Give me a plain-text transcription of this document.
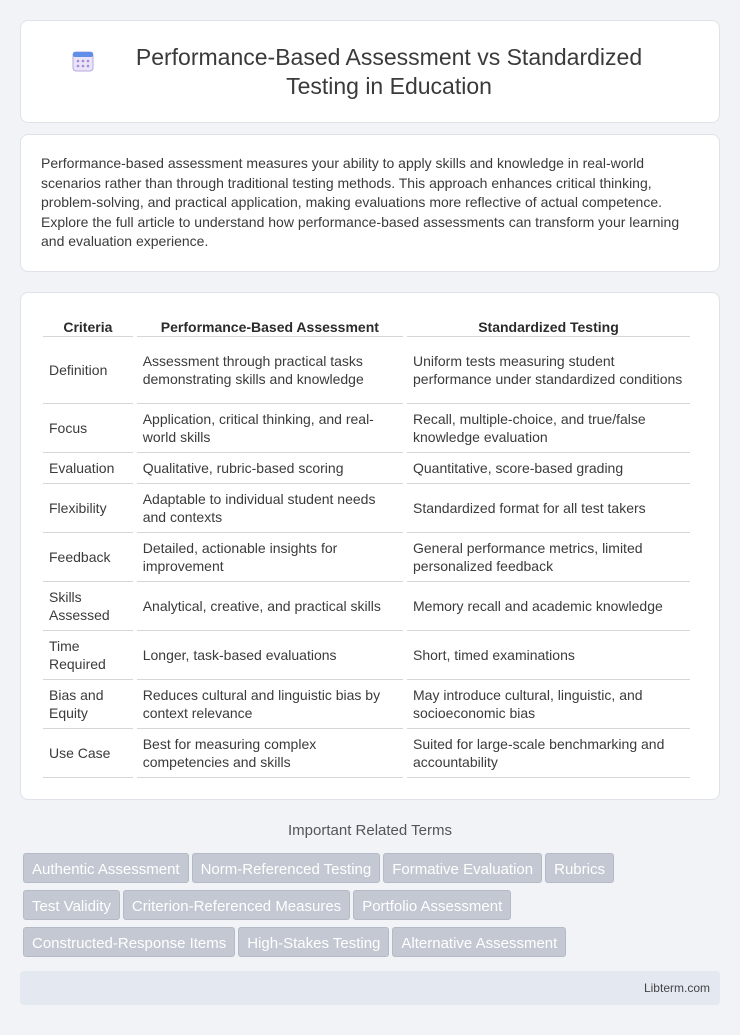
Performance-Based Assessment vs Standardized Testing in Education

Performance-based assessment measures your ability to apply skills and knowledge in real-world scenarios rather than through traditional testing methods. This approach enhances critical thinking, problem-solving, and practical application, making evaluations more reflective of actual competence. Explore the full article to understand how performance-based assessments can transform your learning and evaluation experience.

Criteria	Performance-Based Assessment	Standardized Testing
Definition	Assessment through practical tasks demonstrating skills and knowledge	Uniform tests measuring student performance under standardized conditions
Focus	Application, critical thinking, and real-world skills	Recall, multiple-choice, and true/false knowledge evaluation
Evaluation	Qualitative, rubric-based scoring	Quantitative, score-based grading
Flexibility	Adaptable to individual student needs and contexts	Standardized format for all test takers
Feedback	Detailed, actionable insights for improvement	General performance metrics, limited personalized feedback
Skills Assessed	Analytical, creative, and practical skills	Memory recall and academic knowledge
Time Required	Longer, task-based evaluations	Short, timed examinations
Bias and Equity	Reduces cultural and linguistic bias by context relevance	May introduce cultural, linguistic, and socioeconomic bias
Use Case	Best for measuring complex competencies and skills	Suited for large-scale benchmarking and accountability
Important Related Terms
Authentic Assessment Norm-Referenced Testing Formative Evaluation Rubrics
Test Validity Criterion-Referenced Measures Portfolio Assessment
Constructed-Response Items High-Stakes Testing Alternative Assessment
Libterm.com
